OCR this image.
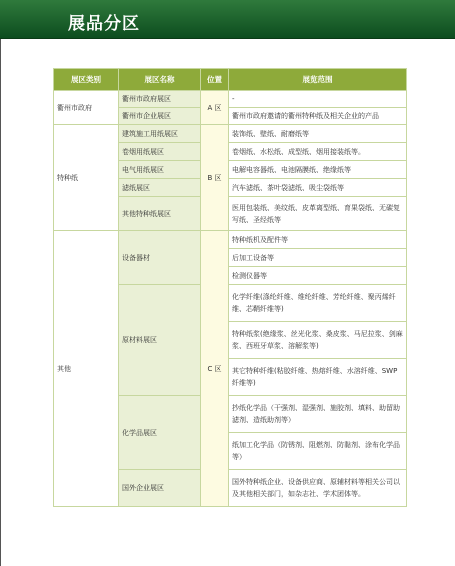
展品分区
展区类别	展区名称	位置	展览范围
衢州市政府	衢州市政府展区	A 区	-
	衢州市企业展区		衢州市政府邀请的衢州特种纸及相关企业的产品
特种纸	建筑施工用纸展区	B 区	装饰纸、壁纸、耐磨纸等
	卷烟用纸展区		卷烟纸、水松纸、成型纸、烟用接装纸等。
	电气用纸展区		电解电容器纸、电池隔膜纸、绝缘纸等
	滤纸展区		汽车滤纸、茶叶袋滤纸、吸尘袋纸等
	其他特种纸展区		医用包装纸、美纹纸、皮革离型纸、育果袋纸、无碳复写纸、圣经纸等
其他	设备器材	C 区	特种纸机及配件等
			后加工设备等
			检测仪器等
	原材料展区		化学纤维(涤纶纤维、维纶纤维、芳纶纤维、聚丙烯纤维、芯鞘纤维等)
			特种纸浆(绝缘浆、丝光化浆、桑皮浆、马尼拉浆、剑麻浆、西班牙草浆、溶解浆等)
			其它特种纤维(粘胶纤维、热熔纤维、水溶纤维、SWP纤维等)
	化学品展区		抄纸化学品（干强剂、湿强剂、施胶剂、填料、助留助滤剂、造纸助剂等）
			纸加工化学品（防锈剂、阻燃剂、防黏剂、涂布化学品等）
	国外企业展区		国外特种纸企业、设备供应商、原辅材料等相关公司以及其他相关部门，如杂志社、学术团体等。
